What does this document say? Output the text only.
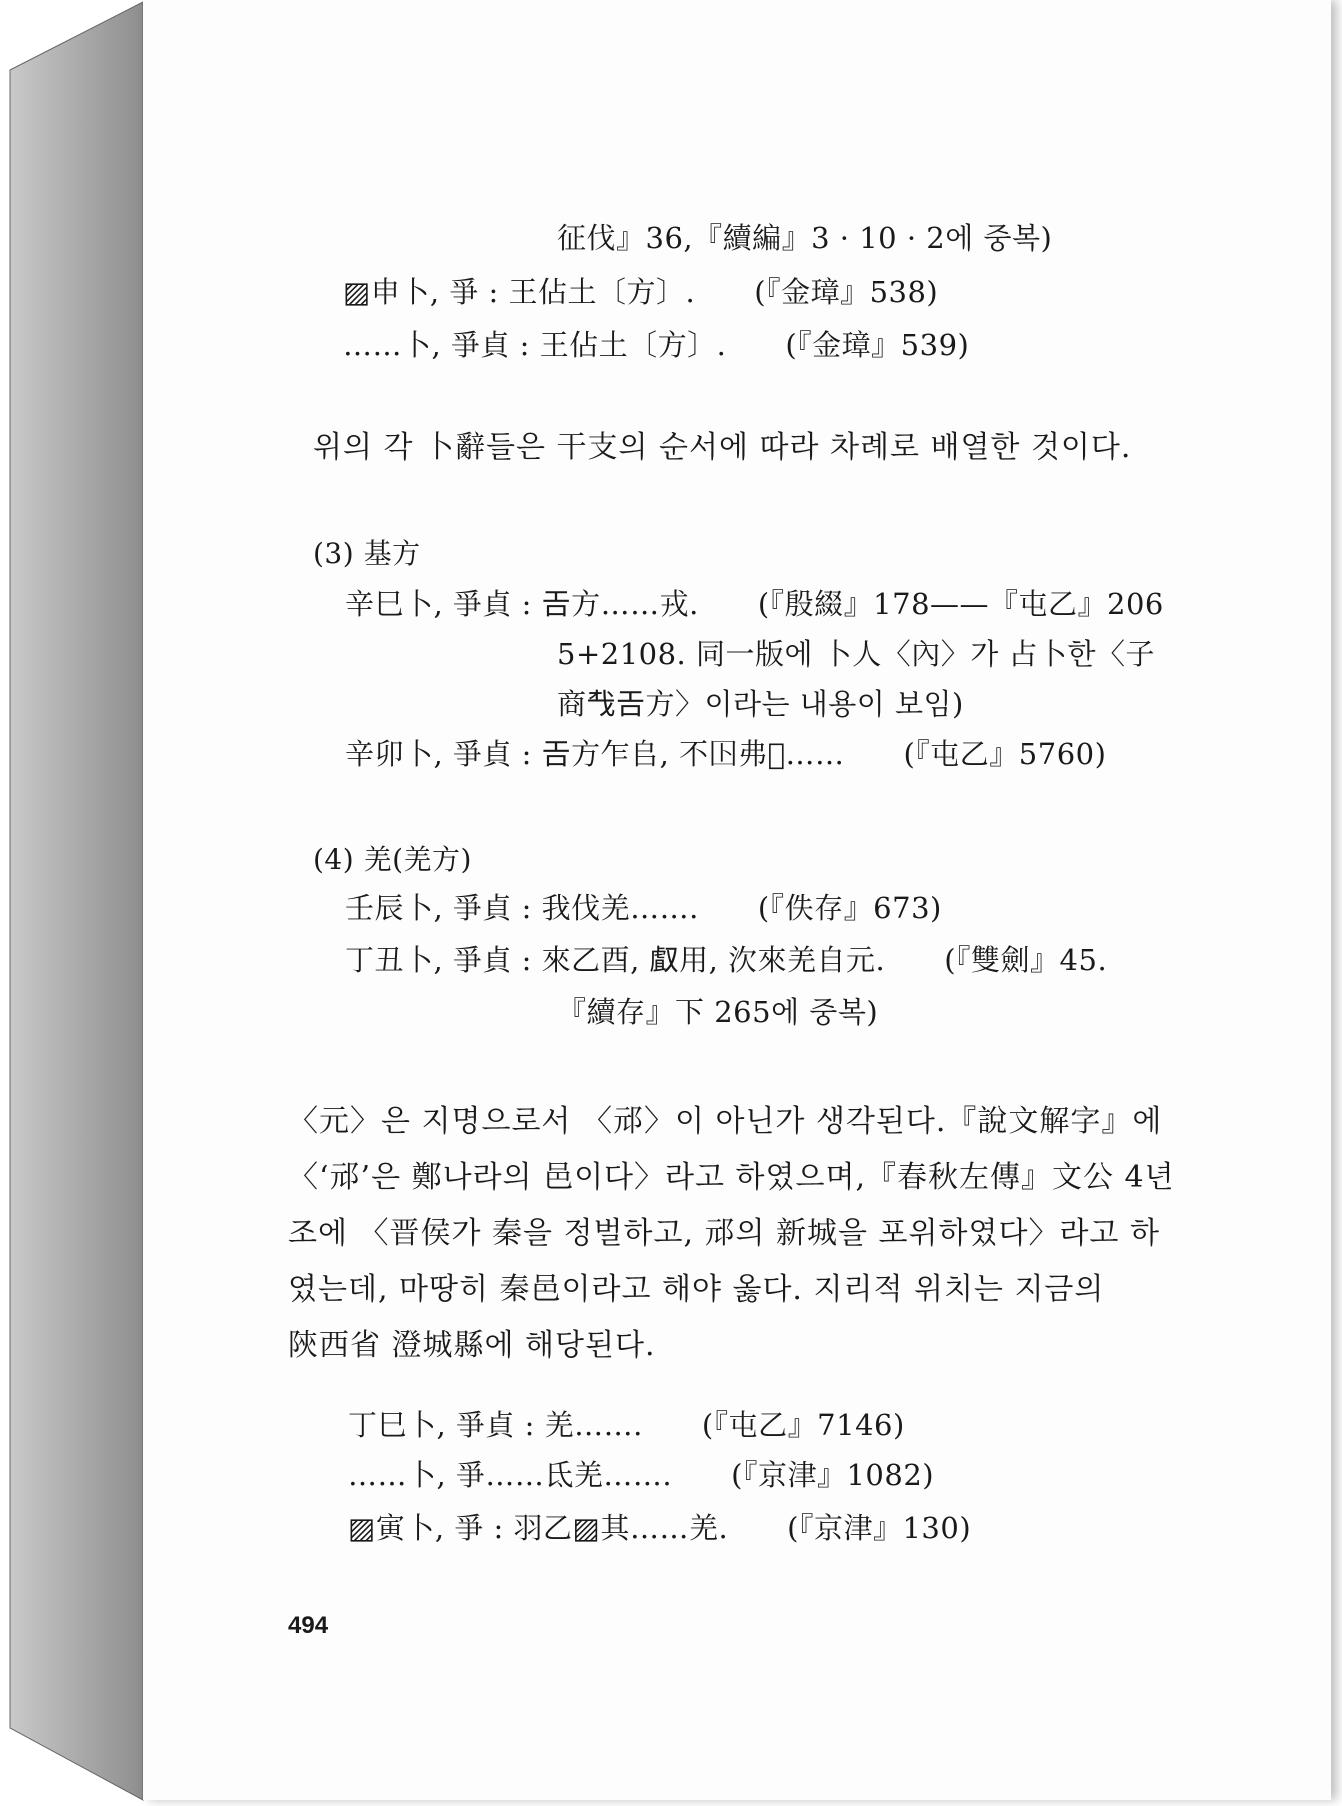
征伐』36,『續編』3 · 10 · 2에 중복)
▨申卜, 爭 : 王佔土〔方〕.　　(『金璋』538)
……卜, 爭貞 : 王佔土〔方〕.　　(『金璋』539)
위의 각 卜辭들은 干支의 순서에 따라 차례로 배열한 것이다.
(3) 基方
辛巳卜, 爭貞 : 𢀛方……戎.　　(『殷綴』178——『屯乙』206
5+2108. 同一版에 卜人〈內〉가 占卜한〈子
商𢦔𢀛方〉이라는 내용이 보임)
辛卯卜, 爭貞 : 𢀛方乍𠂤, 不𡆥弗𠨞……　　(『屯乙』5760)
(4) 羌(羌方)
壬辰卜, 爭貞 : 我伐羌…….　　(『佚存』673)
丁丑卜, 爭貞 : 來乙酉, 𠭯用, 㳄來羌自元.　　(『雙劍』45.
『續存』下 265에 중복)
〈元〉은 지명으로서 〈邧〉이 아닌가 생각된다.『說文解字』에
〈‘邧’은 鄭나라의 邑이다〉라고 하였으며,『春秋左傳』文公 4년
조에 〈晋侯가 秦을 정벌하고, 邧의 新城을 포위하였다〉라고 하
였는데, 마땅히 秦邑이라고 해야 옳다. 지리적 위치는 지금의
陝西省 澄城縣에 해당된다.
丁巳卜, 爭貞 : 羌…….　　(『屯乙』7146)
……卜, 爭……氐羌…….　　(『京津』1082)
▨寅卜, 爭 : 羽乙▨其……羌.　　(『京津』130)
494
